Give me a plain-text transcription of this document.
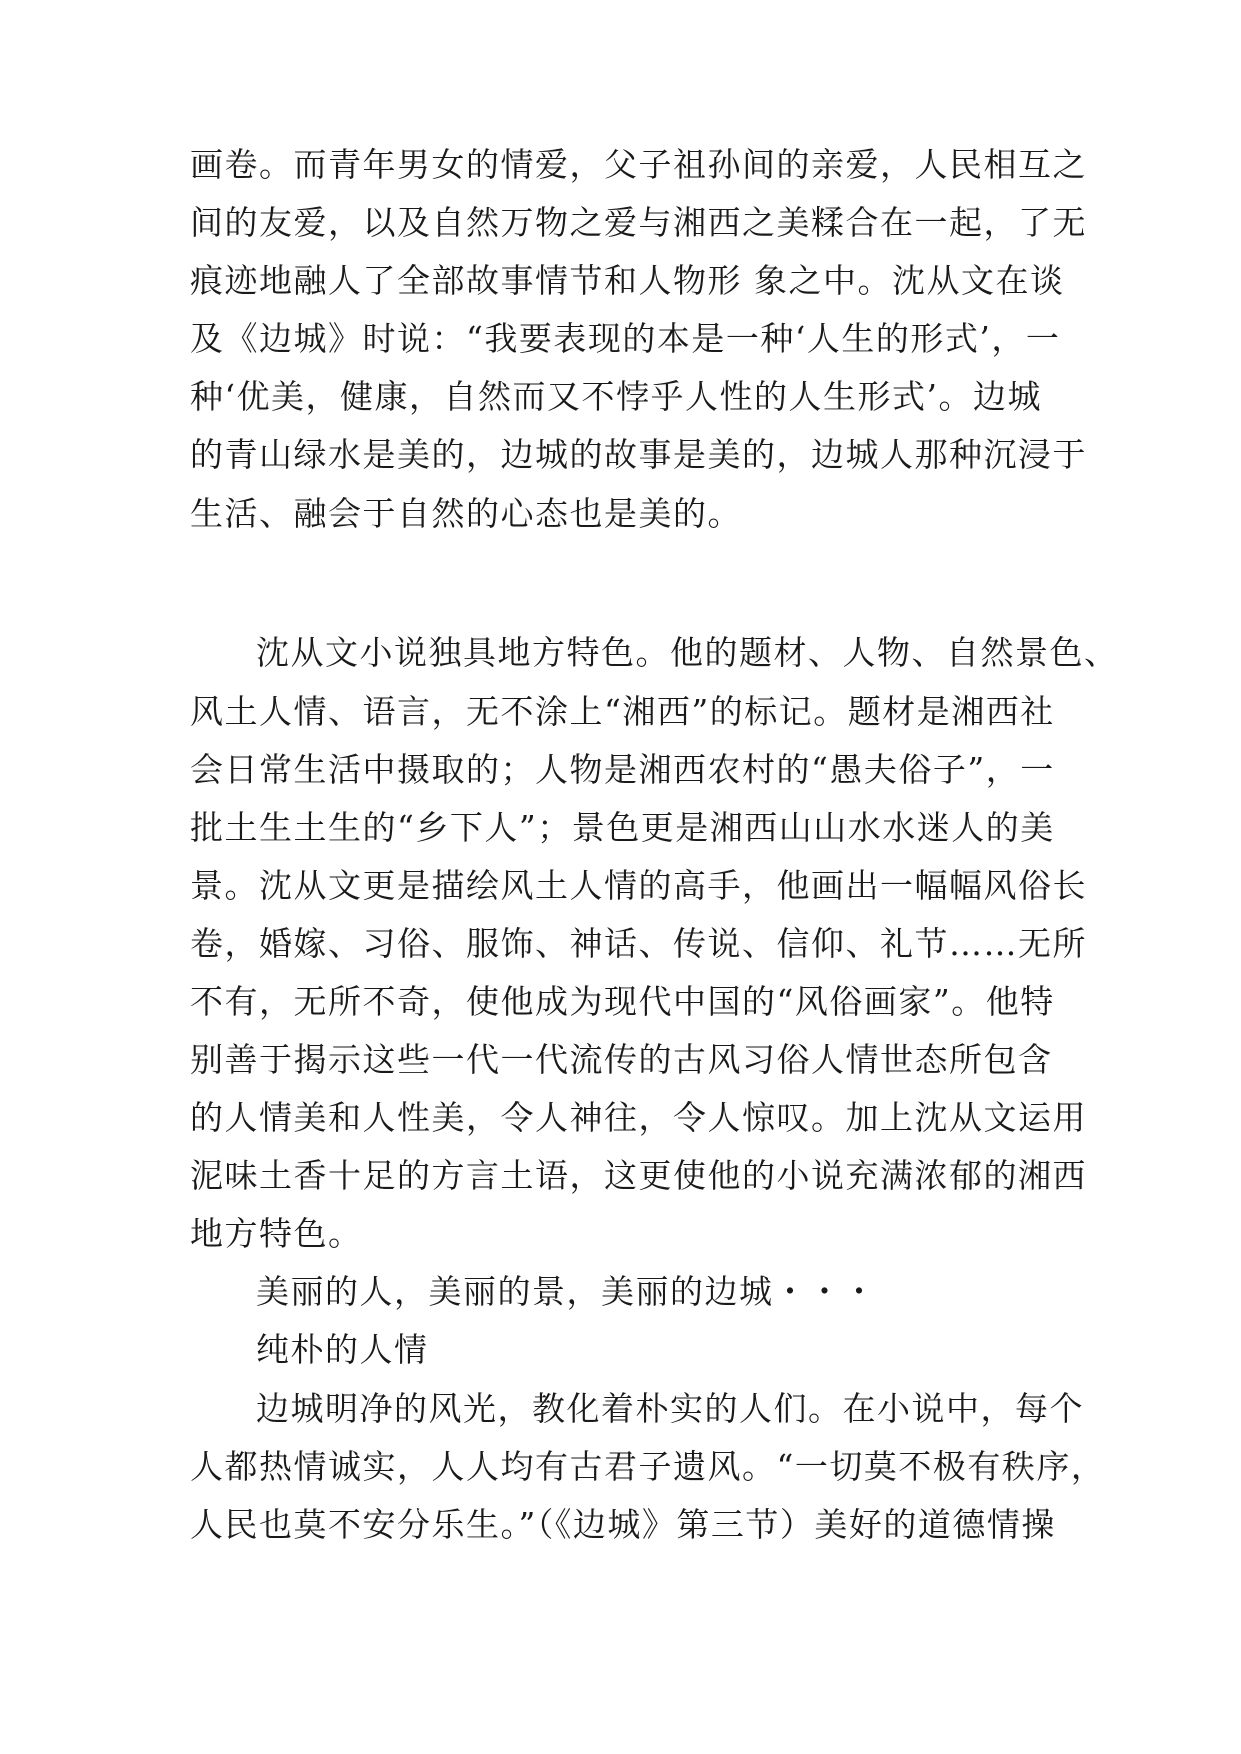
画卷。而青年男女的情爱，父子祖孙间的亲爱，人民相互之
间的友爱，以及自然万物之爱与湘西之美糅合在一起，了无
痕迹地融人了全部故事情节和人物形 象之中。沈从文在谈
及《边城》时说：“我要表现的本是一种‘人生的形式’，一
种‘优美，健康，自然而又不悖乎人性的人生形式’。边城
的青山绿水是美的，边城的故事是美的，边城人那种沉浸于
生活、融会于自然的心态也是美的。
沈从文小说独具地方特色。他的题材、人物、自然景色、
风土人情、语言，无不涂上“湘西”的标记。题材是湘西社
会日常生活中摄取的；人物是湘西农村的“愚夫俗子”，一
批土生土生的“乡下人”；景色更是湘西山山水水迷人的美
景。沈从文更是描绘风土人情的高手，他画出一幅幅风俗长
卷，婚嫁、习俗、服饰、神话、传说、信仰、礼节……无所
不有，无所不奇，使他成为现代中国的“风俗画家”。他特
别善于揭示这些一代一代流传的古风习俗人情世态所包含
的人情美和人性美，令人神往，令人惊叹。加上沈从文运用
泥味土香十足的方言土语，这更使他的小说充满浓郁的湘西
地方特色。
美丽的人，美丽的景，美丽的边城・・・
纯朴的人情
边城明净的风光，教化着朴实的人们。在小说中，每个
人都热情诚实，人人均有古君子遗风。“一切莫不极有秩序，
人民也莫不安分乐生。”（《边城》第三节）美好的道德情操
